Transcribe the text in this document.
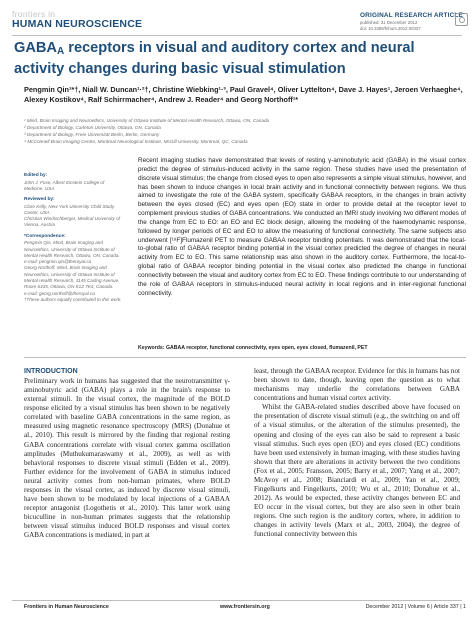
frontiers in
HUMAN NEUROSCIENCE
ORIGINAL RESEARCH ARTICLE
published: 31 December 2012
doi: 10.3389/fnhum.2012.00337
$GABA_A$ receptors in visual and auditory cortex and neural activity changes during basic visual stimulation
Pengmin Qin¹*†, Niall W. Duncan¹·²†, Christine Wiebking¹·³, Paul Gravel⁴, Oliver Lyttelton⁴, Dave J. Hayes¹, Jeroen Verhaeghe⁴, Alexey Kostikov⁴, Ralf Schirrmacher⁴, Andrew J. Reader⁴ and Georg Northoff¹*
¹ Mind, Brain Imaging and Neuroethics, University of Ottawa Institute of Mental Health Research, Ottawa, ON, Canada
² Department of Biology, Carleton University, Ottawa, ON, Canada
³ Department of Biology, Freie Universität Berlin, Berlin, Germany
⁴ McConnell Brain Imaging Centre, Montreal Neurological Institute, McGill University, Montreal, QC, Canada
Edited by:
John J. Foxe, Albert Einstein College of Medicine, USA
Reviewed by:
Clare Kelly, New York University Child Study Center, USA
Christian Windischberger, Medical University of Vienna, Austria
*Correspondence:
Pengmin Qin, Mind, Brain Imaging and Neuroethics, University of Ottawa Institute of Mental Health Research, Ottawa, ON, Canada.
e-mail: pengmin.qin@theroyal.ca
Georg Northoff, Mind, Brain Imaging and Neuroethics, University of Ottawa Institute of Mental Health Research, 1145 Carling Avenue, Room 6435, Ottawa, ON K1Z 7K4, Canada.
e-mail: georg.northoff@theroyal.ca
†These authors equally contributed to this work.
Recent imaging studies have demonstrated that levels of resting γ-aminobutyric acid (GABA) in the visual cortex predict the degree of stimulus-induced activity in the same region. These studies have used the presentation of discrete visual stimulus; the change from closed eyes to open also represents a simple visual stimulus, however, and has been shown to induce changes in local brain activity and in functional connectivity between regions. We thus aimed to investigate the role of the GABA system, specifically GABAA receptors, in the changes in brain activity between the eyes closed (EC) and eyes open (EO) state in order to provide detail at the receptor level to complement previous studies of GABA concentrations. We conducted an fMRI study involving two different modes of the change from EC to EO: an EO and EC block design, allowing the modeling of the haemodynamic response, followed by longer periods of EC and EO to allow the measuring of functional connectivity. The same subjects also underwent [¹⁸F]Flumazenil PET to measure GABAA receptor binding potentials. It was demonstrated that the local-to-global ratio of GABAA receptor binding potential in the visual cortex predicted the degree of changes in neural activity from EC to EO. This same relationship was also shown in the auditory cortex. Furthermore, the local-to-global ratio of GABAA receptor binding potential in the visual cortex also predicted the change in functional connectivity between the visual and auditory cortex from EC to EO. These findings contribute to our understanding of the role of GABAA receptors in stimulus-induced neural activity in local regions and in inter-regional functional connectivity.
Keywords: GABAA receptor, functional connectivity, eyes open, eyes closed, flumazenil, PET
INTRODUCTION

Preliminary work in humans has suggested that the neurotransmitter γ-aminobutyric acid (GABA) plays a role in the brain's response to external stimuli. In the visual cortex, the magnitude of the BOLD response elicited by a visual stimulus has been shown to be negatively correlated with baseline GABA concentrations in the same region, as measured using magnetic resonance spectroscopy (MRS) (Donahue et al., 2010). This result is mirrored by the finding that regional resting GABA concentrations correlate with visual cortex gamma oscillation amplitudes (Muthukumaraswamy et al., 2009), as well as with behavioral responses to discrete visual stimuli (Edden et al., 2009). Further evidence for the involvement of GABA in stimulus induced neural activity comes from non-human primates, where BOLD responses in the visual cortex, as induced by discrete visual stimuli, have been shown to be modulated by local injections of a GABAA receptor antagonist (Logothetis et al., 2010). This latter work using bicuculline in non-human primates suggests that the relationship between visual stimulus induced BOLD responses and visual cortex GABA concentrations is mediated, in part at

least, through the GABAA receptor. Evidence for this in humans has not been shown to date, though, leaving open the question as to what mechanisms may underlie the correlations between GABA concentrations and human visual cortex activity.

Whilst the GABA-related studies described above have focused on the presentation of discrete visual stimuli (e.g., the switching on and off of a visual stimulus, or the alteration of the stimulus presented), the opening and closing of the eyes can also be said to represent a basic visual stimulus. Such eyes open (EO) and eyes closed (EC) conditions have been used extensively in human imaging, with these studies having shown that there are alterations in activity between the two conditions (Fox et al., 2005; Fransson, 2005; Barry et al., 2007; Yang et al., 2007; McAvoy et al., 2008; Bianciardi et al., 2009; Yan et al., 2009; Fingelkurts and Fingelkurts, 2010; Wu et al., 2010; Donahue et al., 2012). As would be expected, these activity changes between EC and EO occur in the visual cortex, but they are also seen in other brain regions. One such region is the auditory cortex, where, in addition to changes in activity levels (Marx et al., 2003, 2004), the degree of functional connectivity between this

Frontiers in Human Neuroscience	www.frontiersin.org	December 2012 | Volume 6 | Article 337 | 1
